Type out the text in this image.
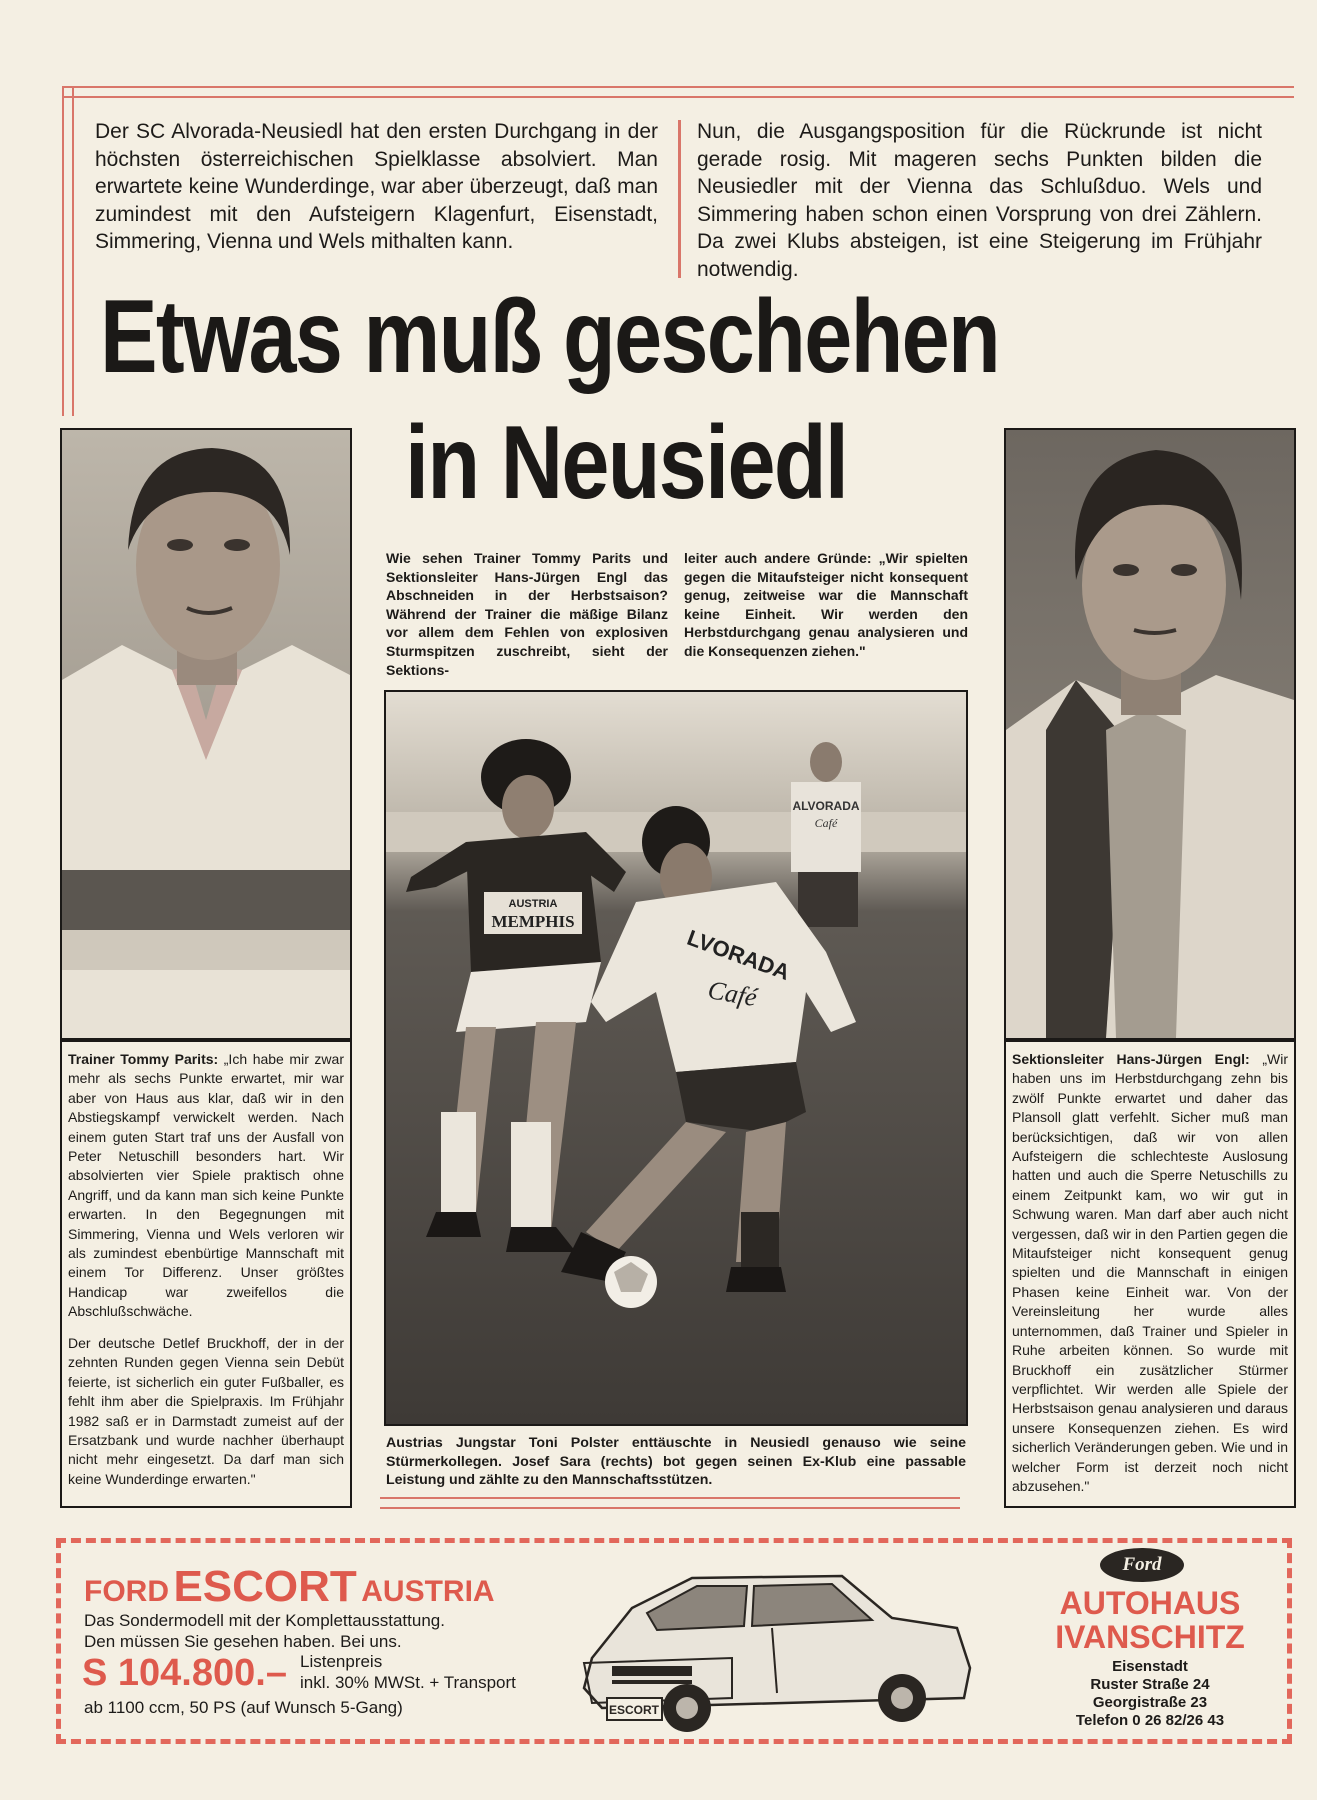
Der SC Alvorada-Neusiedl hat den ersten Durchgang in der höchsten österreichischen Spielklasse absolviert. Man erwartete keine Wunderdinge, war aber überzeugt, daß man zumindest mit den Aufsteigern Klagenfurt, Eisenstadt, Simmering, Vienna und Wels mithalten kann.
Nun, die Ausgangsposition für die Rückrunde ist nicht gerade rosig. Mit mageren sechs Punkten bilden die Neusiedler mit der Vienna das Schlußduo. Wels und Simmering haben schon einen Vorsprung von drei Zählern. Da zwei Klubs absteigen, ist eine Steigerung im Frühjahr notwendig.
Etwas muß geschehen
in Neusiedl
Wie sehen Trainer Tommy Parits und Sektionsleiter Hans-Jürgen Engl das Abschneiden in der Herbstsaison? Während der Trainer die mäßige Bilanz vor allem dem Fehlen von explosiven Sturmspitzen zuschreibt, sieht der Sektions-
leiter auch andere Gründe: „Wir spielten gegen die Mitaufsteiger nicht konsequent genug, zeitweise war die Mannschaft keine Einheit. Wir werden den Herbstdurchgang genau analysieren und die Konsequenzen ziehen."
ALVORADA
Café
AUSTRIA
MEMPHIS
LVORADA
Café
Austrias Jungstar Toni Polster enttäuschte in Neusiedl genauso wie seine Stürmerkollegen. Josef Sara (rechts) bot gegen seinen Ex-Klub eine passable Leistung und zählte zu den Mannschaftsstützen.
Trainer Tommy Parits: „Ich habe mir zwar mehr als sechs Punkte erwartet, mir war aber von Haus aus klar, daß wir in den Abstiegskampf verwickelt werden. Nach einem guten Start traf uns der Ausfall von Peter Netuschill besonders hart. Wir absolvierten vier Spiele praktisch ohne Angriff, und da kann man sich keine Punkte erwarten. In den Begegnungen mit Simmering, Vienna und Wels verloren wir als zumindest ebenbürtige Mannschaft mit einem Tor Differenz. Unser größtes Handicap war zweifellos die Abschlußschwäche.
Der deutsche Detlef Bruckhoff, der in der zehnten Runden gegen Vienna sein Debüt feierte, ist sicherlich ein guter Fußballer, es fehlt ihm aber die Spielpraxis. Im Frühjahr 1982 saß er in Darmstadt zumeist auf der Ersatzbank und wurde nachher überhaupt nicht mehr eingesetzt. Da darf man sich keine Wunderdinge erwarten."
Sektionsleiter Hans-Jürgen Engl: „Wir haben uns im Herbstdurchgang zehn bis zwölf Punkte erwartet und daher das Plansoll glatt verfehlt. Sicher muß man berücksichtigen, daß wir von allen Aufsteigern die schlechteste Auslosung hatten und auch die Sperre Netuschills zu einem Zeitpunkt kam, wo wir gut in Schwung waren. Man darf aber auch nicht vergessen, daß wir in den Partien gegen die Mitaufsteiger nicht konsequent genug spielten und die Mannschaft in einigen Phasen keine Einheit war. Von der Vereinsleitung her wurde alles unternommen, daß Trainer und Spieler in Ruhe arbeiten können. So wurde mit Bruckhoff ein zusätzlicher Stürmer verpflichtet. Wir werden alle Spiele der Herbstsaison genau analysieren und daraus unsere Konsequenzen ziehen. Es wird sicherlich Veränderungen geben. Wie und in welcher Form ist derzeit noch nicht abzusehen."
FORD ESCORT AUSTRIA
Das Sondermodell mit der Komplettausstattung.
Den müssen Sie gesehen haben. Bei uns.
S 104.800.– Listenpreis
inkl. 30% MWSt. + Transport
ab 1100 ccm, 50 PS (auf Wunsch 5-Gang)	ESCORT
Ford
AUTOHAUS
IVANSCHITZ
Eisenstadt
Ruster Straße 24
Georgistraße 23
Telefon 0 26 82/26 43
